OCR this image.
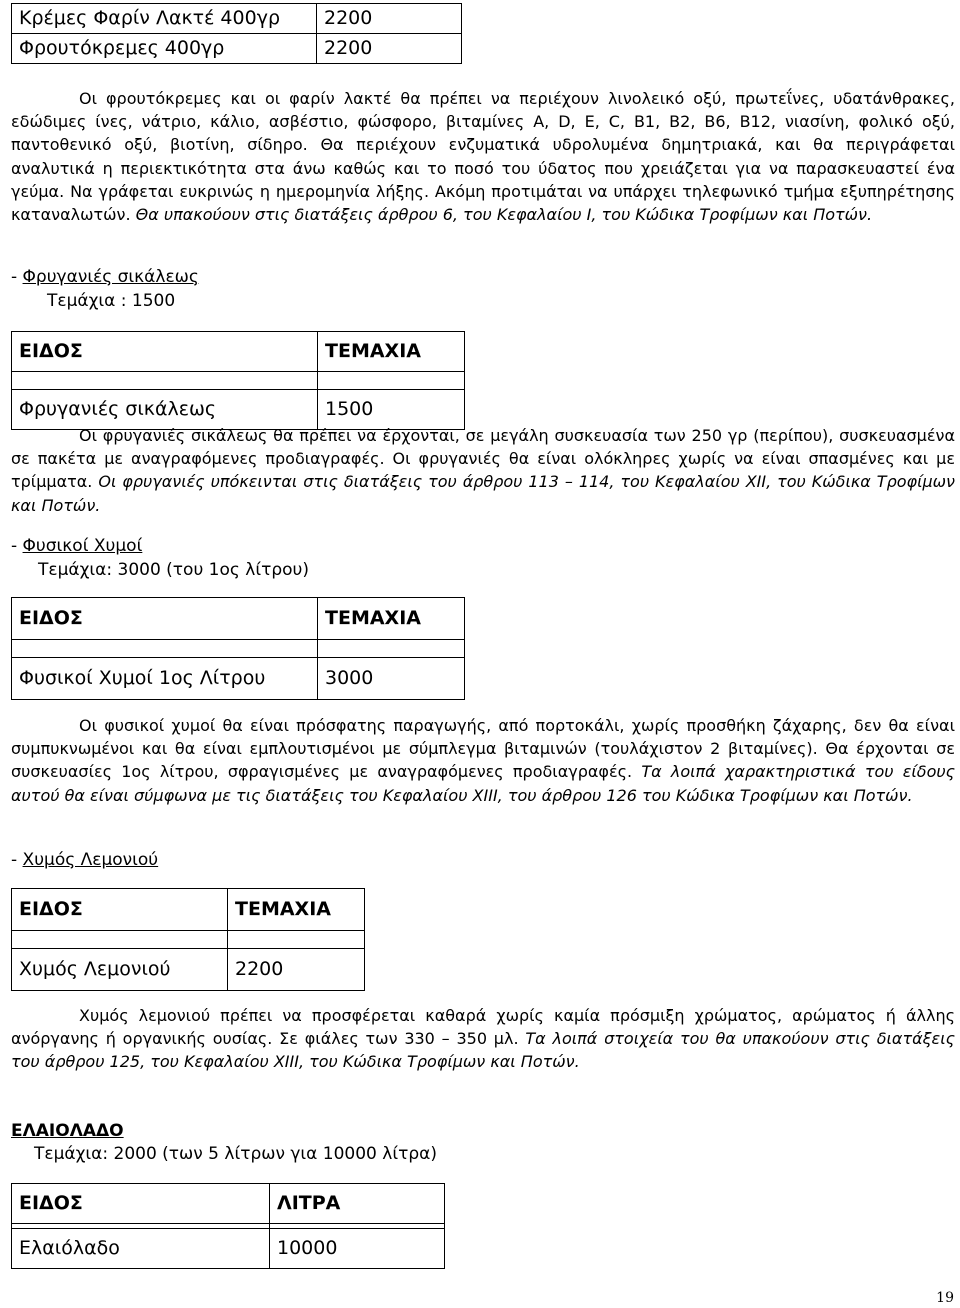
Κρέμες Φαρίν Λακτέ 400γρ	2200
Φρουτόκρεμες 400γρ	2200

Οι φρουτόκρεμες και οι φαρίν λακτέ θα πρέπει να περιέχουν λινολεικό οξύ, πρωτεΐνες, υδατάνθρακες, εδώδιμες ίνες, νάτριο, κάλιο, ασβέστιο, φώσφορο, βιταμίνες A, D, E, C, B1, B2, B6, B12, νιασίνη, φολικό οξύ, παντοθενικό οξύ, βιοτίνη, σίδηρο. Θα περιέχουν ενζυματικά υδρολυμένα δημητριακά, και θα περιγράφεται αναλυτικά η περιεκτικότητα στα άνω καθώς και το ποσό του ύδατος που χρειάζεται για να παρασκευαστεί ένα γεύμα. Να γράφεται ευκρινώς η ημερομηνία λήξης. Ακόμη προτιμάται να υπάρχει τηλεφωνικό τμήμα εξυπηρέτησης καταναλωτών. Θα υπακούουν στις διατάξεις άρθρου 6, του Κεφαλαίου Ι, του Κώδικα Τροφίμων και Ποτών.

- Φρυγανιές σικάλεως
Τεμάχια : 1500
ΕΙΔΟΣ	ΤΕΜΑΧΙΑ

Φρυγανιές σικάλεως	1500

Οι φρυγανιές σικάλεως θα πρέπει να έρχονται, σε μεγάλη συσκευασία των 250 γρ (περίπου), συσκευασμένα σε πακέτα με αναγραφόμενες προδιαγραφές. Οι φρυγανιές θα είναι ολόκληρες χωρίς να είναι σπασμένες και με τρίμματα. Οι φρυγανιές υπόκεινται στις διατάξεις του άρθρου 113 – 114, του Κεφαλαίου ΧΙΙ, του Κώδικα Τροφίμων και Ποτών.

- Φυσικοί Χυμοί
Τεμάχια: 3000 (του 1ος λίτρου)
ΕΙΔΟΣ	ΤΕΜΑΧΙΑ

Φυσικοί Χυμοί 1ος Λίτρου	3000

Οι φυσικοί χυμοί θα είναι πρόσφατης παραγωγής, από πορτοκάλι, χωρίς προσθήκη ζάχαρης, δεν θα είναι συμπυκνωμένοι και θα είναι εμπλουτισμένοι με σύμπλεγμα βιταμινών (τουλάχιστον 2 βιταμίνες). Θα έρχονται σε συσκευασίες 1ος λίτρου, σφραγισμένες με αναγραφόμενες προδιαγραφές. Τα λοιπά χαρακτηριστικά του είδους αυτού θα είναι σύμφωνα με τις διατάξεις του Κεφαλαίου ΧΙΙΙ, του άρθρου 126 του Κώδικα Τροφίμων και Ποτών.

- Χυμός Λεμονιού
ΕΙΔΟΣ	ΤΕΜΑΧΙΑ

Χυμός Λεμονιού	2200

Χυμός λεμονιού πρέπει να προσφέρεται καθαρά χωρίς καμία πρόσμιξη χρώματος, αρώματος ή άλλης ανόργανης ή οργανικής ουσίας. Σε φιάλες των 330 – 350 μλ. Τα λοιπά στοιχεία του θα υπακούουν στις διατάξεις του άρθρου 125, του Κεφαλαίου ΧΙΙΙ, του Κώδικα Τροφίμων και Ποτών.

ΕΛΑΙΟΛΑΔΟ
Τεμάχια: 2000 (των 5 λίτρων για 10000 λίτρα)
ΕΙΔΟΣ	ΛΙΤΡΑ

Ελαιόλαδο	10000
19
